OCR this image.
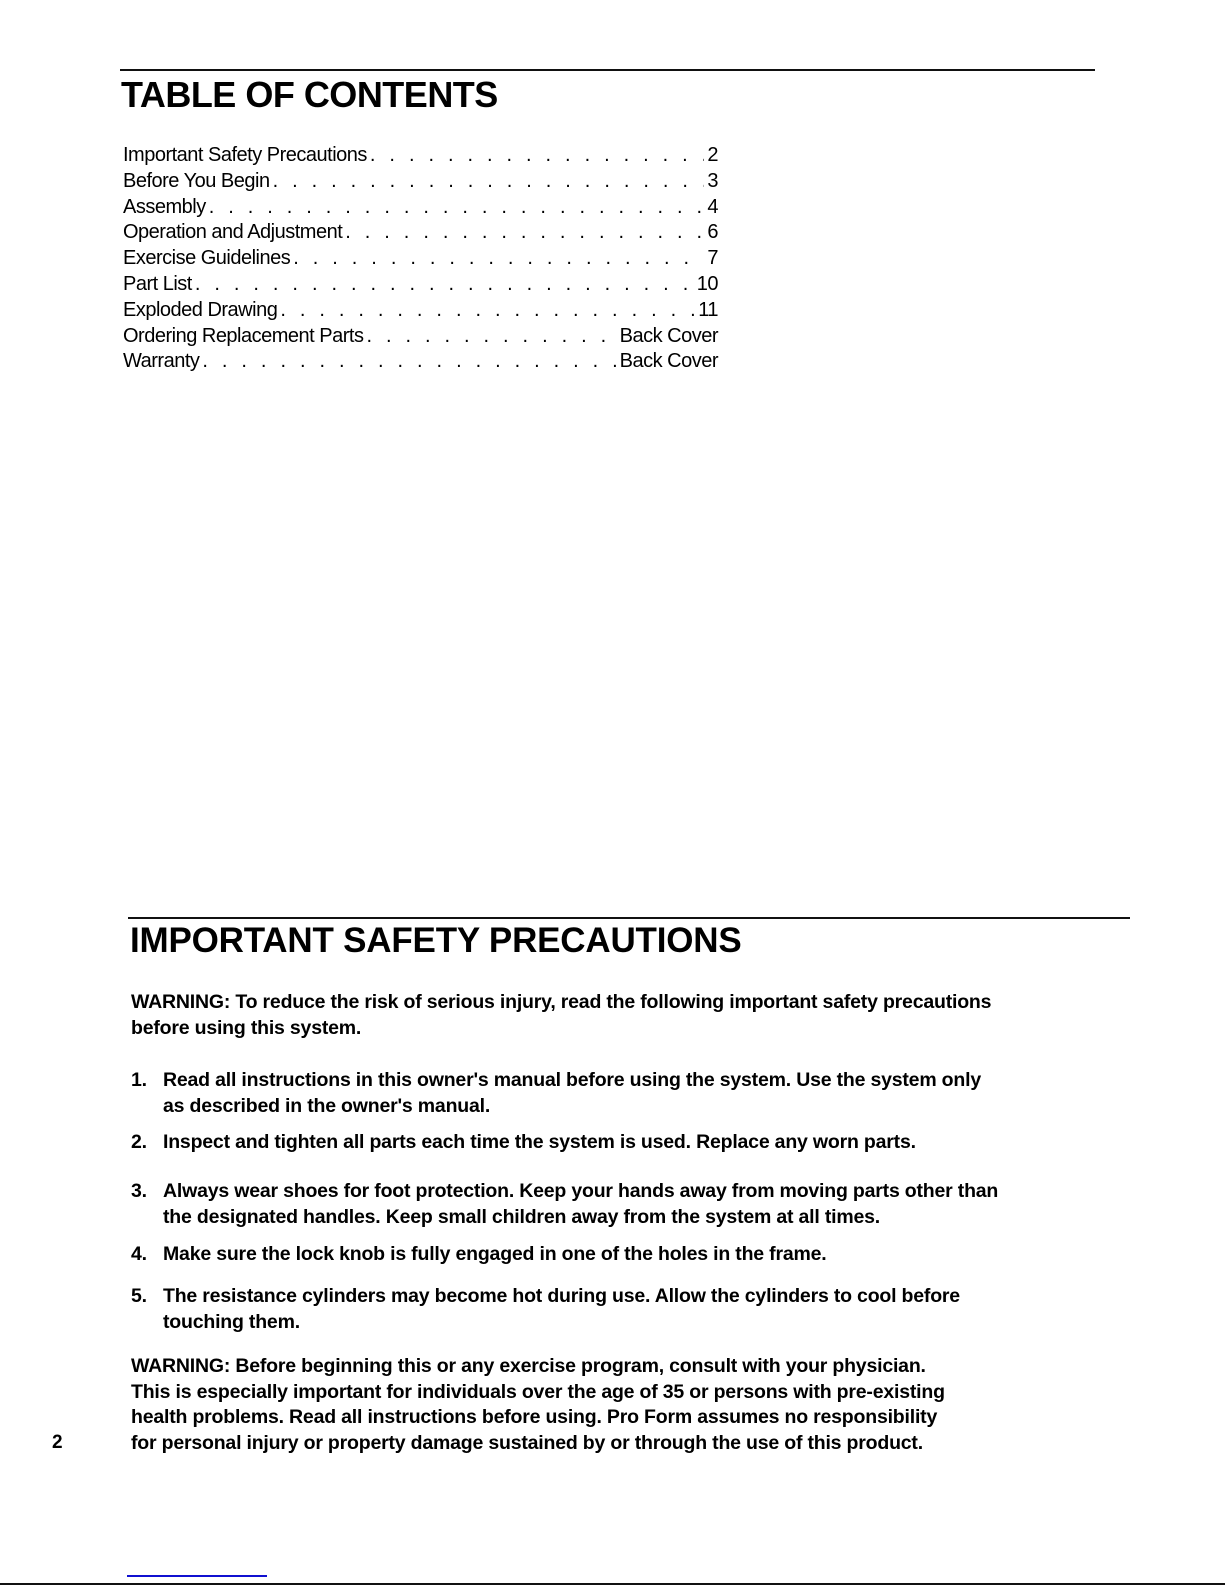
TABLE OF CONTENTS
Important Safety Precautions . . .	2
Before You Begin . . .	3
Assembly . . .	4
Operation and Adjustment . . .	6
Exercise Guidelines . . .	7
Part List . . .	10
Exploded Drawing . . .	11
Ordering Replacement Parts . . .	Back Cover
Warranty . . .	Back Cover
IMPORTANT SAFETY PRECAUTIONS
WARNING: To reduce the risk of serious injury, read the following important safety precautions
before using this system.
1. Read all instructions in this owner's manual before using the system. Use the system only
as described in the owner's manual.
2. Inspect and tighten all parts each time the system is used. Replace any worn parts.
3. Always wear shoes for foot protection. Keep your hands away from moving parts other than
the designated handles. Keep small children away from the system at all times.
4. Make sure the lock knob is fully engaged in one of the holes in the frame.
5. The resistance cylinders may become hot during use. Allow the cylinders to cool before
touching them.
WARNING: Before beginning this or any exercise program, consult with your physician.
This is especially important for individuals over the age of 35 or persons with pre-existing
health problems. Read all instructions before using. Pro Form assumes no responsibility
for personal injury or property damage sustained by or through the use of this product.
2
